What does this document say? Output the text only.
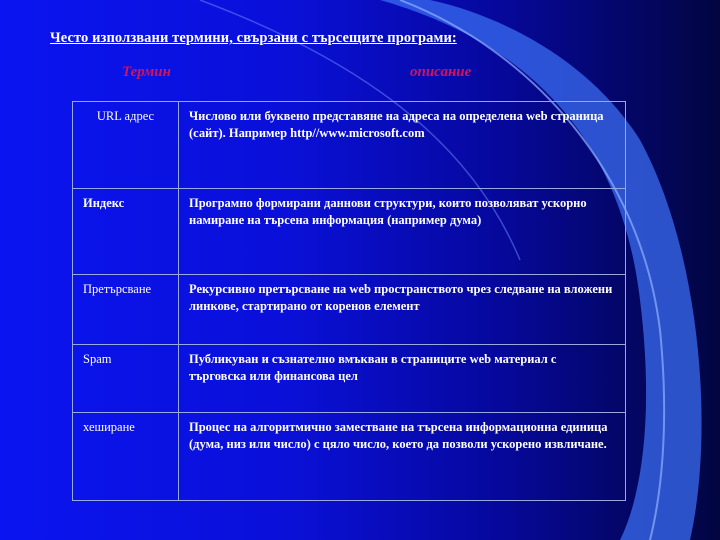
Често използвани термини, свързани с търсещите програми:
Термин	описание
URL адрес	Числово или буквено представяне на адреса на определена web страница (сайт). Например http//www.microsoft.com
Индекс	Програмно формирани даннови структури, които позволяват ускорно намиране на търсена информация (например дума)
Претърсване	Рекурсивно претърсване на web пространството чрез следване на вложени линкове, стартирано от коренов елемент
Spam	Публикуван и съзнателно вмъкван в страниците web материал с търговска или финансова цел
хеширане	Процес на алгоритмично заместване на търсена информационна единица (дума, низ или число) с цяло число, което да позволи ускорено извличане.
